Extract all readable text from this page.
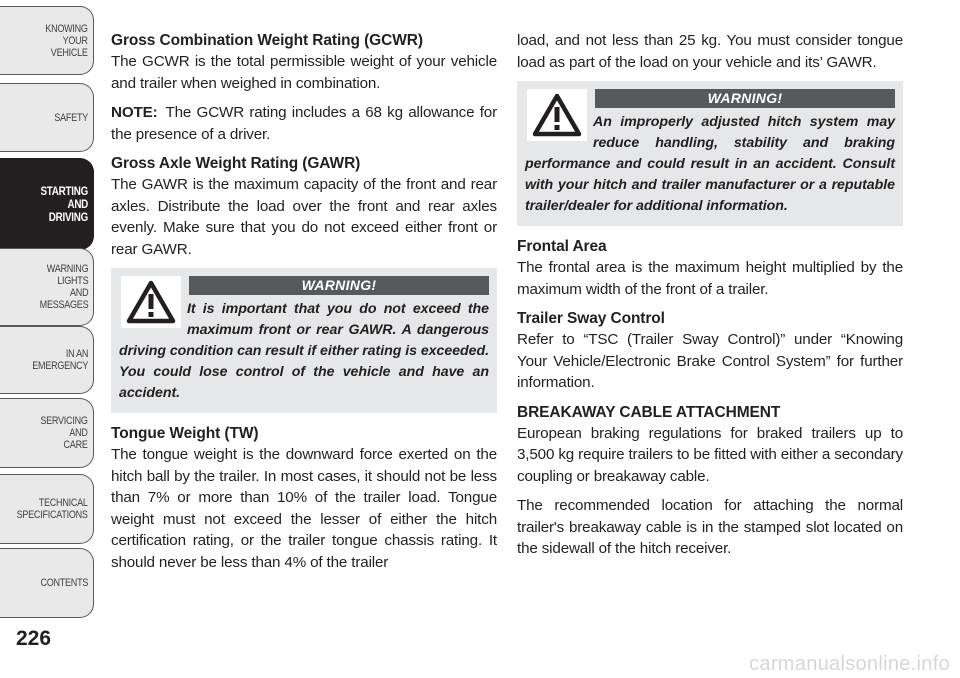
KNOWING
YOUR
VEHICLE
SAFETY
STARTING
AND
DRIVING
WARNING
LIGHTS
AND
MESSAGES
IN AN
EMERGENCY
SERVICING
AND
CARE
TECHNICAL
SPECIFICATIONS
CONTENTS
226
Gross Combination Weight Rating (GCWR)

The GCWR is the total permissible weight of your vehicle and trailer when weighed in combination.

NOTE: The GCWR rating includes a 68 kg allowance for the presence of a driver.

Gross Axle Weight Rating (GAWR)

The GAWR is the maximum capacity of the front and rear axles. Distribute the load over the front and rear axles evenly. Make sure that you do not exceed either front or rear GAWR.

WARNING!
It is important that you do not exceed the maximum front or rear GAWR. A dangerous driving condition can result if either rating is exceeded. You could lose control of the vehicle and have an accident.
Tongue Weight (TW)

The tongue weight is the downward force exerted on the hitch ball by the trailer. In most cases, it should not be less than 7% or more than 10% of the trailer load. Tongue weight must not exceed the lesser of either the hitch certification rating, or the trailer tongue chassis rating. It should never be less than 4% of the trailer

load, and not less than 25 kg. You must consider tongue load as part of the load on your vehicle and its’ GAWR.

WARNING!
An improperly adjusted hitch system may reduce handling, stability and braking performance and could result in an accident. Consult with your hitch and trailer manufacturer or a reputable trailer/dealer for additional information.
Frontal Area

The frontal area is the maximum height multiplied by the maximum width of the front of a trailer.

Trailer Sway Control

Refer to “TSC (Trailer Sway Control)” under “Knowing Your Vehicle/Electronic Brake Control System” for further information.

BREAKAWAY CABLE ATTACHMENT

European braking regulations for braked trailers up to 3,500 kg require trailers to be fitted with either a secondary coupling or breakaway cable.

The recommended location for attaching the normal trailer's breakaway cable is in the stamped slot located on the sidewall of the hitch receiver.

carmanualsonline.info
